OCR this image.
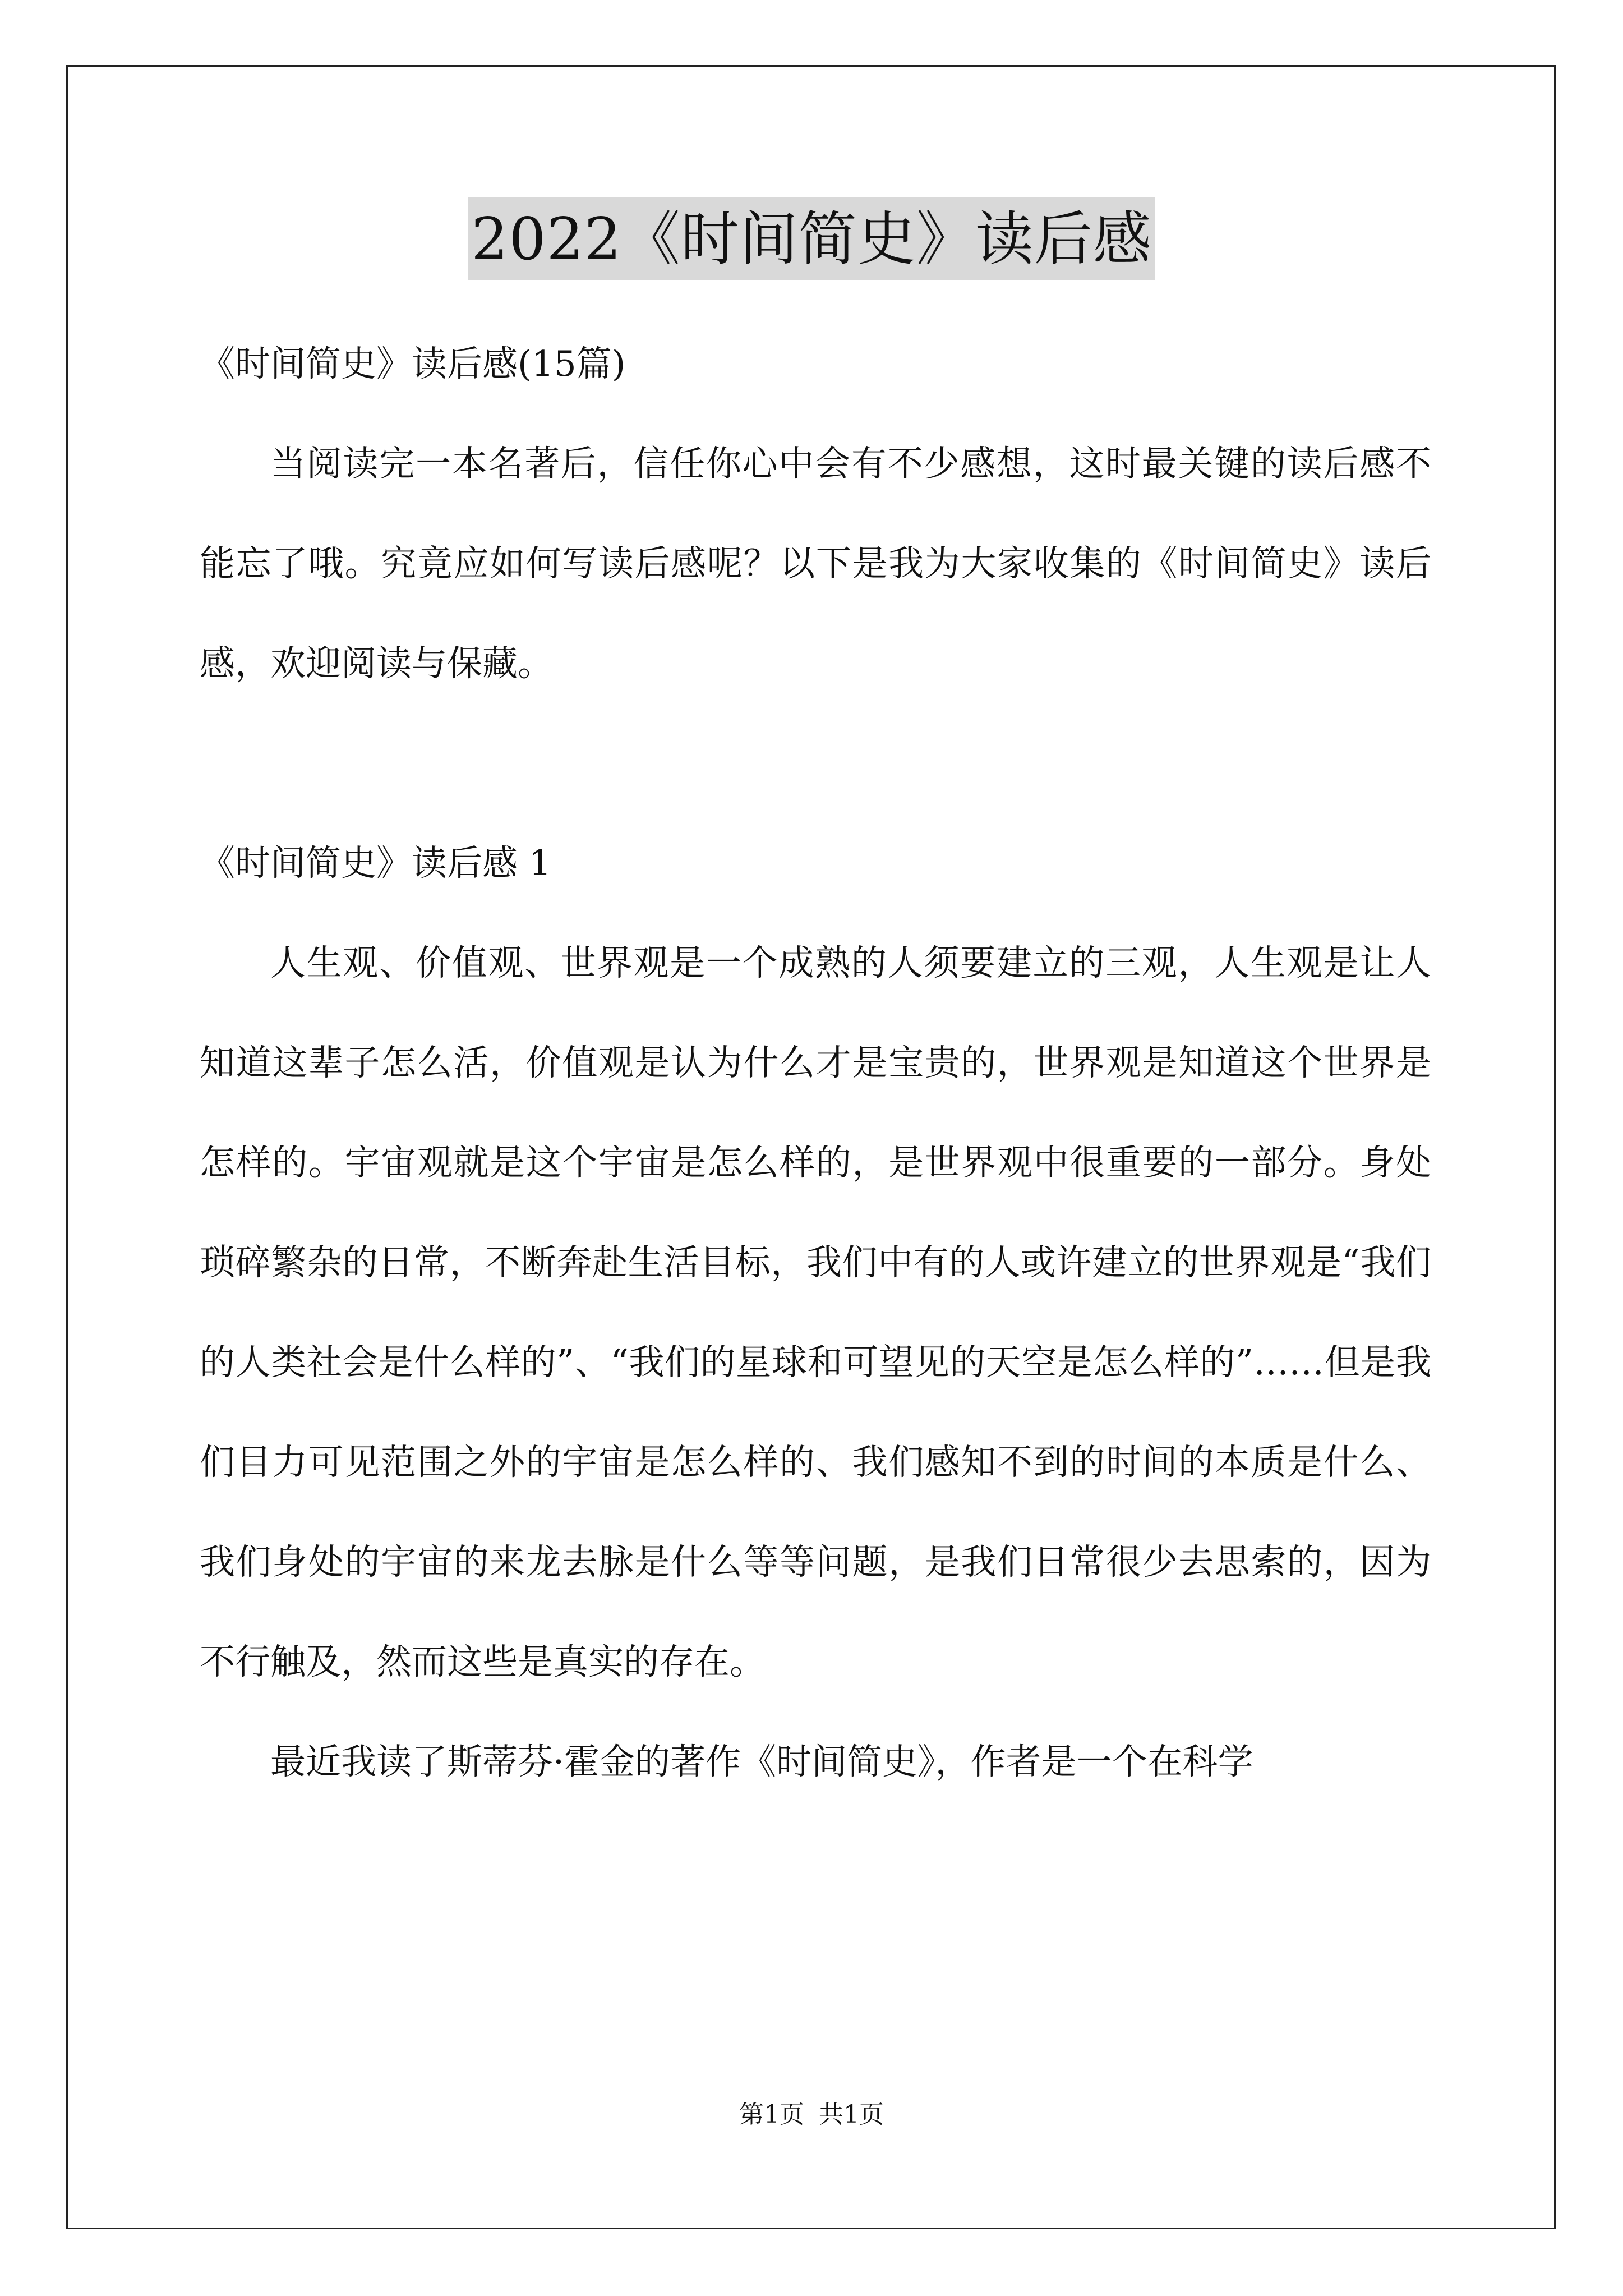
2022《时间简史》读后感
《时间简史》读后感(15篇)

当阅读完一本名著后，信任你心中会有不少感想，这时最关键的读后感不能忘了哦。究竟应如何写读后感呢？以下是我为大家收集的《时间简史》读后感，欢迎阅读与保藏。

《时间简史》读后感 1

人生观、价值观、世界观是一个成熟的人须要建立的三观，人生观是让人知道这辈子怎么活，价值观是认为什么才是宝贵的，世界观是知道这个世界是怎样的。宇宙观就是这个宇宙是怎么样的，是世界观中很重要的一部分。身处琐碎繁杂的日常，不断奔赴生活目标，我们中有的人或许建立的世界观是“我们的人类社会是什么样的”、“我们的星球和可望见的天空是怎么样的”……但是我们目力可见范围之外的宇宙是怎么样的、我们感知不到的时间的本质是什么、我们身处的宇宙的来龙去脉是什么等等问题，是我们日常很少去思索的，因为不行触及，然而这些是真实的存在。

最近我读了斯蒂芬·霍金的著作《时间简史》，作者是一个在科学

第1页 共1页
